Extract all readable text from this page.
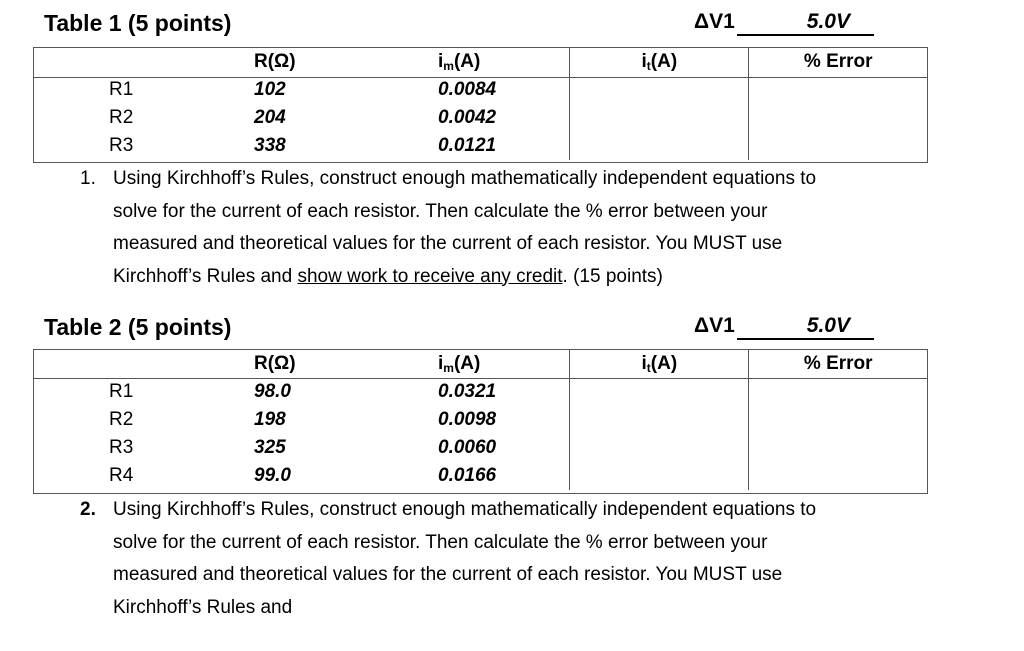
Table 1 (5 points)	ΔV1	5.0V
	R(Ω)	$i_m(A)$	$i_t(A)$	% Error
R1	102	0.0084		
R2	204	0.0042		
R3	338	0.0121		
1. Using Kirchhoff’s Rules, construct enough mathematically independent equations to
solve for the current of each resistor. Then calculate the % error between your
measured and theoretical values for the current of each resistor. You MUST use
Kirchhoff’s Rules and show work to receive any credit. (15 points)
Table 2 (5 points)	ΔV1	5.0V
	R(Ω)	$i_m(A)$	$i_t(A)$	% Error
R1	98.0	0.0321		
R2	198	0.0098		
R3	325	0.0060		
R4	99.0	0.0166		
2. Using Kirchhoff’s Rules, construct enough mathematically independent equations to
solve for the current of each resistor. Then calculate the % error between your
measured and theoretical values for the current of each resistor. You MUST use
Kirchhoff’s Rules and
